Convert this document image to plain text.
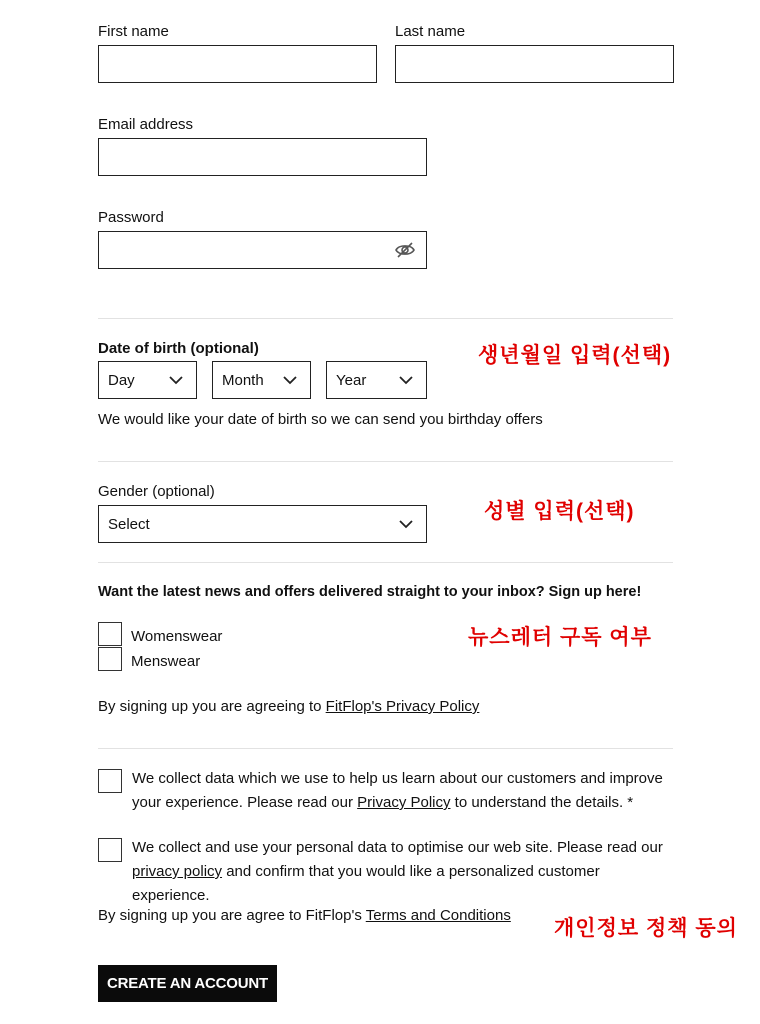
First name	Last name
Email address
Password
Date of birth (optional)	생년월일 입력(선택)
Day	Month	Year
We would like your date of birth so we can send you birthday offers
Gender (optional)
성별 입력(선택)
Select
Want the latest news and offers delivered straight to your inbox? Sign up here!
뉴스레터 구독 여부
Womenswear
Menswear
By signing up you are agreeing to FitFlop's Privacy Policy
We collect data which we use to help us learn about our customers and improve your experience. Please read our Privacy Policy to understand the details. *
We collect and use your personal data to optimise our web site. Please read our privacy policy and confirm that you would like a personalized customer experience.
By signing up you are agree to FitFlop's Terms and Conditions
개인정보 정책 동의
CREATE AN ACCOUNT
